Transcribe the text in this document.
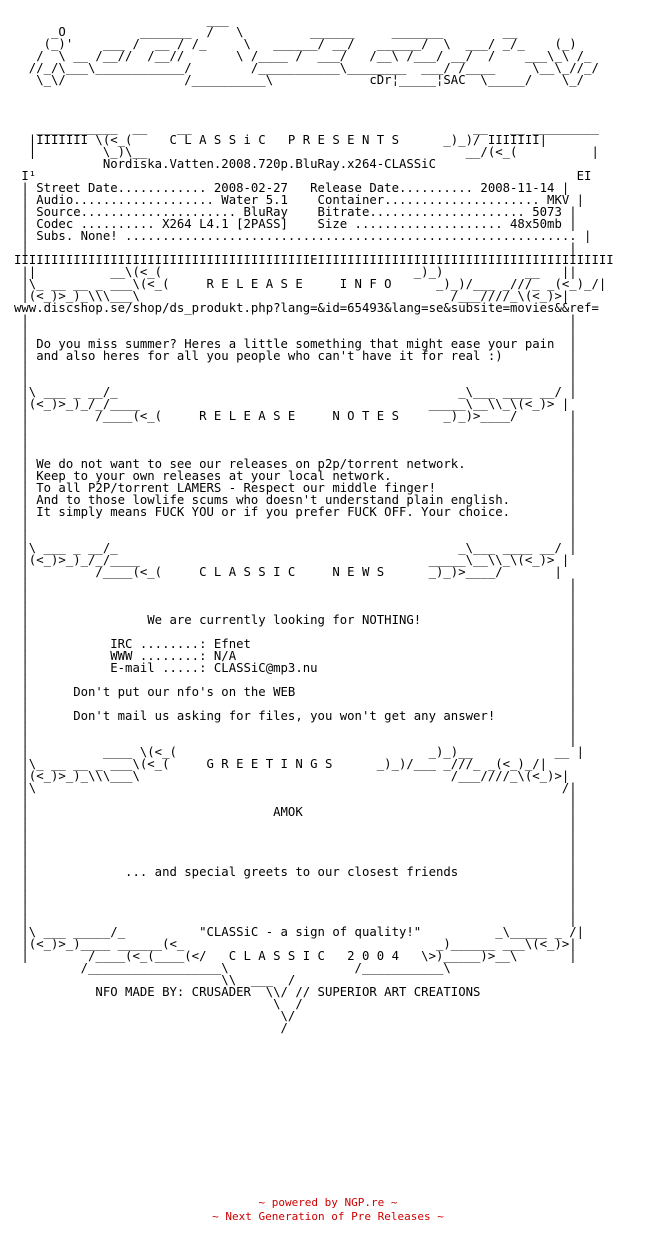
___
_O          _______  /   \         ______     _______        __
(_)'    ___ /  __ / /_     \   ______/ __/   ______/  \  ___/ _/_    (_)
/  \ __ /__//  /__//       \ /____ /  ___/   /__\ /___/ __/  /    ___\_\ /_
//_/\___\____________/        /___________\________  ___/ /____     \__\_//_/
\_\/                /__________\             cDr¦_____¦SAC  \_____/    \_/
___________  __    __                                      __   __ _________
|IIIIIII \(<_(     C L A S S i C   P R E S E N T S      _)_)/ IIIIIII|
|         \_)\__                                           __/(<_(          |
Nordiska.Vatten.2008.720p.BluRay.x264-CLASSiC
I¹                                                                         EI
| Street Date............ 2008-02-27   Release Date.......... 2008-11-14 |
| Audio................... Water 5.1    Container..................... MKV |
| Source..................... BluRay    Bitrate..................... 5073 |
| Codec .......... X264 L4.1 [2PASS]    Size .................... 48x50mb |
| Subs. None! ............................................................. |
|                                                                         |
IIIIIIIIIIIIIIIIIIIIIIIIIIIIIIIIIIIIIIIIEIIIIIIIIIIIIIIIIIIIIIIIIIIIIIIIIIIIIIIII
||          __\(<_(                                  _)_)           __   ||
|\_ __ __ _ ___\(<_(     R E L E A S E     I N F O      _)_)/___ _///_ _(<_)_/|
|(<_)>_)_\\\___\                                          /___////_\(<_)>|
www.discshop.se/shop/ds_produkt.php?lang=&id=65493&lang=se&subsite=movies&&ref=
|                                                                         |
|                                                                         |
| Do you miss summer? Heres a little something that might ease your pain  |
| and also heres for all you people who can't have it for real :)         |
|                                                                         |
|                                                                         |
|\ ___ _ __/_                                              _\___ ____ __/ |
|(<_)>_)_/_/____                                       _____\__\\_\(<_)> |
|         /____(<_(     R E L E A S E     N O T E S      _)_)>____/       |
|                                                                         |
|                                                                         |
|                                                                         |
| We do not want to see our releases on p2p/torrent network.              |
| Keep to your own releases at your local network.                        |
| To all P2P/torrent LAMERS - Respect our middle finger!                  |
| And to those lowlife scums who doesn't understand plain english.        |
| It simply means FUCK YOU or if you prefer FUCK OFF. Your choice.        |
|                                                                         |
|                                                                         |
|\ ___ _ __/_                                              _\___ ____ __/ |
|(<_)>_)_/_/____                                       _____\__\\_\(<_)> |
|         /____(<_(     C L A S S I C     N E W S      _)_)>____/       |
|                                                                         |
|                                                                         |
|                                                                         |
|                We are currently looking for NOTHING!                    |
|                                                                         |
|           IRC ........: Efnet                                           |
|           WWW ........: N/A                                             |
|           E-mail .....: CLASSiC@mp3.nu                                  |
|                                                                         |
|      Don't put our nfo's on the WEB                                     |
|                                                                         |
|      Don't mail us asking for files, you won't get any answer!          |
|                                                                         |
|                                                                         |
|          ____ \(<_(                                  _)_)__           __ |
|\_ __ __ _ ___\(<_(     G R E E T I N G S      _)_)/___ _///_ _(<_)_/|
|(<_)>_)_\\\___\                                          /___////_\(<_)>|
|\                                                                       /|
|                                                                         |
|                                 AMOK                                    |
|                                                                         |
|                                                                         |
|                                                                         |
|                                                                         |
|             ... and special greets to our closest friends               |
|                                                                         |
|                                                                         |
|                                                                         |
|                                                                         |
|\ ___ _____/_          "CLASSiC - a sign of quality!"          _\_____ _ /|
|(<_)>_)____ ______(<_                                  _)______ ___\(<_)>|
|        /____(<_(____(</   C L A S S I C   2 0 0 4   \>)_____)>__\       |
/__________________\                 /___________\
\\  ___  /
NFO MADE BY: CRUSADER  \\/ // SUPERIOR ART CREATIONS
\  /
\/
/
~ powered by NGP.re ~
~ Next Generation of Pre Releases ~
